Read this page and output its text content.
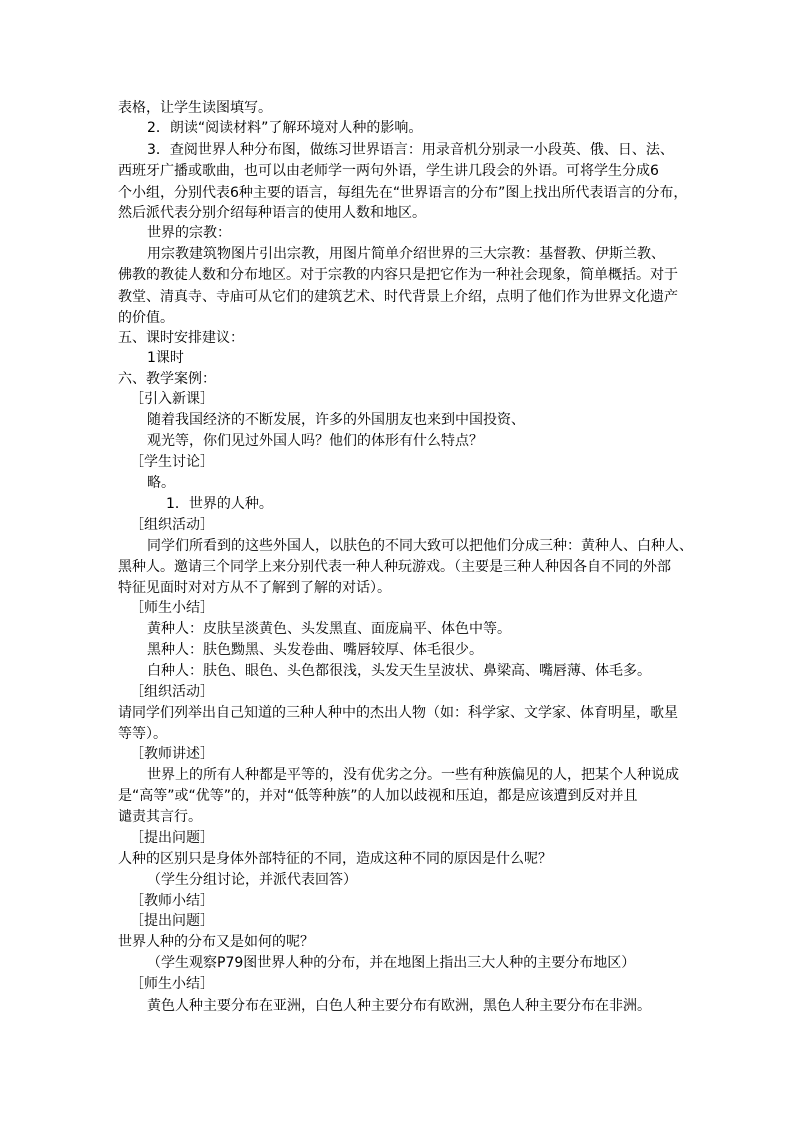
表格，让学生读图填写。
2．朗读“阅读材料”了解环境对人种的影响。
3．查阅世界人种分布图，做练习世界语言：用录音机分别录一小段英、俄、日、法、
西班牙广播或歌曲，也可以由老师学一两句外语，学生讲几段会的外语。可将学生分成6
个小组，分别代表6种主要的语言，每组先在“世界语言的分布”图上找出所代表语言的分布，
然后派代表分别介绍每种语言的使用人数和地区。
世界的宗教：
用宗教建筑物图片引出宗教，用图片简单介绍世界的三大宗教：基督教、伊斯兰教、
佛教的教徒人数和分布地区。对于宗教的内容只是把它作为一种社会现象，简单概括。对于
教堂、清真寺、寺庙可从它们的建筑艺术、时代背景上介绍，点明了他们作为世界文化遗产
的价值。
五、课时安排建议：
1课时
六、教学案例：
［引入新课］
随着我国经济的不断发展，许多的外国朋友也来到中国投资、
观光等，你们见过外国人吗？他们的体形有什么特点？
［学生讨论］
略。
1．世界的人种。
［组织活动］
同学们所看到的这些外国人，以肤色的不同大致可以把他们分成三种：黄种人、白种人、
黑种人。邀请三个同学上来分别代表一种人种玩游戏。（主要是三种人种因各自不同的外部
特征见面时对对方从不了解到了解的对话）。
［师生小结］
黄种人：皮肤呈淡黄色、头发黑直、面庞扁平、体色中等。
黑种人：肤色黝黑、头发卷曲、嘴唇较厚、体毛很少。
白种人：肤色、眼色、头色都很浅，头发天生呈波状、鼻梁高、嘴唇薄、体毛多。
［组织活动］
请同学们列举出自己知道的三种人种中的杰出人物（如：科学家、文学家、体育明星，歌星
等等）。
［教师讲述］
世界上的所有人种都是平等的，没有优劣之分。一些有种族偏见的人，把某个人种说成
是“高等”或“优等”的，并对“低等种族”的人加以歧视和压迫，都是应该遭到反对并且
谴责其言行。
［提出问题］
人种的区别只是身体外部特征的不同，造成这种不同的原因是什么呢？
（学生分组讨论，并派代表回答）
［教师小结］
［提出问题］
世界人种的分布又是如何的呢？
（学生观察P79图世界人种的分布，并在地图上指出三大人种的主要分布地区）
［师生小结］
黄色人种主要分布在亚洲，白色人种主要分布有欧洲，黑色人种主要分布在非洲。
